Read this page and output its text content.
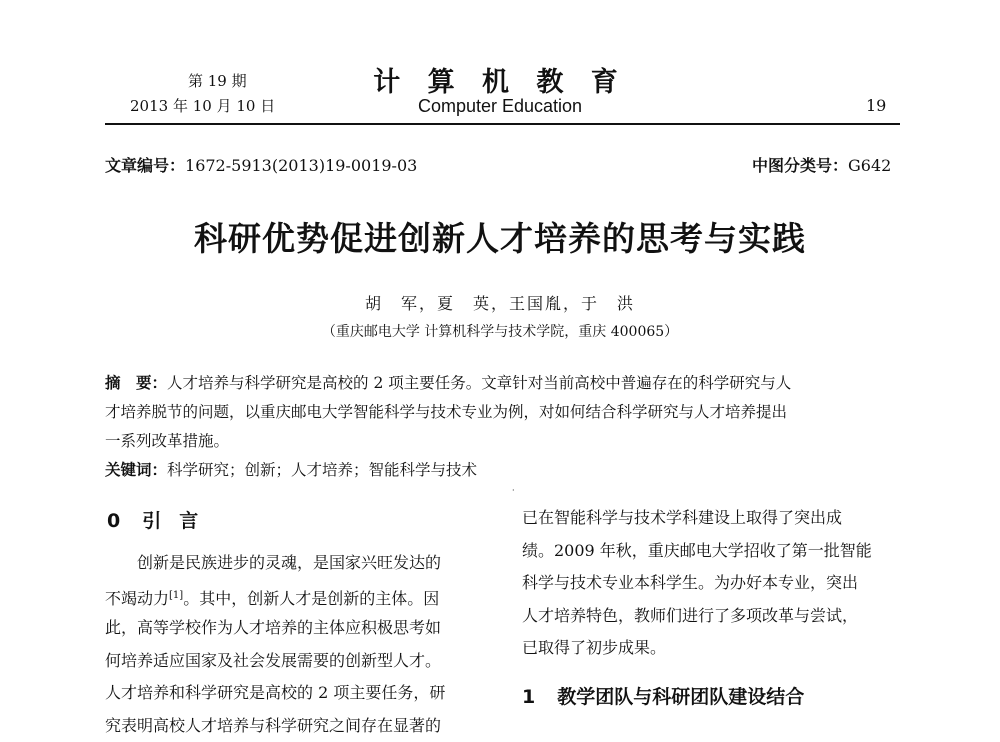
第 19 期
2013 年 10 月 10 日
计 算 机 教 育
Computer Education	19
文章编号：1672-5913(2013)19-0019-03	中图分类号：G642
科研优势促进创新人才培养的思考与实践
胡　军，夏　英，王国胤，于　洪
（重庆邮电大学 计算机科学与技术学院，重庆 400065）
摘　要：人才培养与科学研究是高校的 2 项主要任务。文章针对当前高校中普遍存在的科学研究与人
才培养脱节的问题，以重庆邮电大学智能科学与技术专业为例，对如何结合科学研究与人才培养提出
一系列改革措施。
关键词：科学研究；创新；人才培养；智能科学与技术
·
0 引言
创新是民族进步的灵魂，是国家兴旺发达的
不竭动力[1]。其中，创新人才是创新的主体。因
此，高等学校作为人才培养的主体应积极思考如
何培养适应国家及社会发展需要的创新型人才。
人才培养和科学研究是高校的 2 项主要任务，研
究表明高校人才培养与科学研究之间存在显著的
已在智能科学与技术学科建设上取得了突出成
绩。2009 年秋，重庆邮电大学招收了第一批智能
科学与技术专业本科学生。为办好本专业，突出
人才培养特色，教师们进行了多项改革与尝试，
已取得了初步成果。
1 教学团队与科研团队建设结合
